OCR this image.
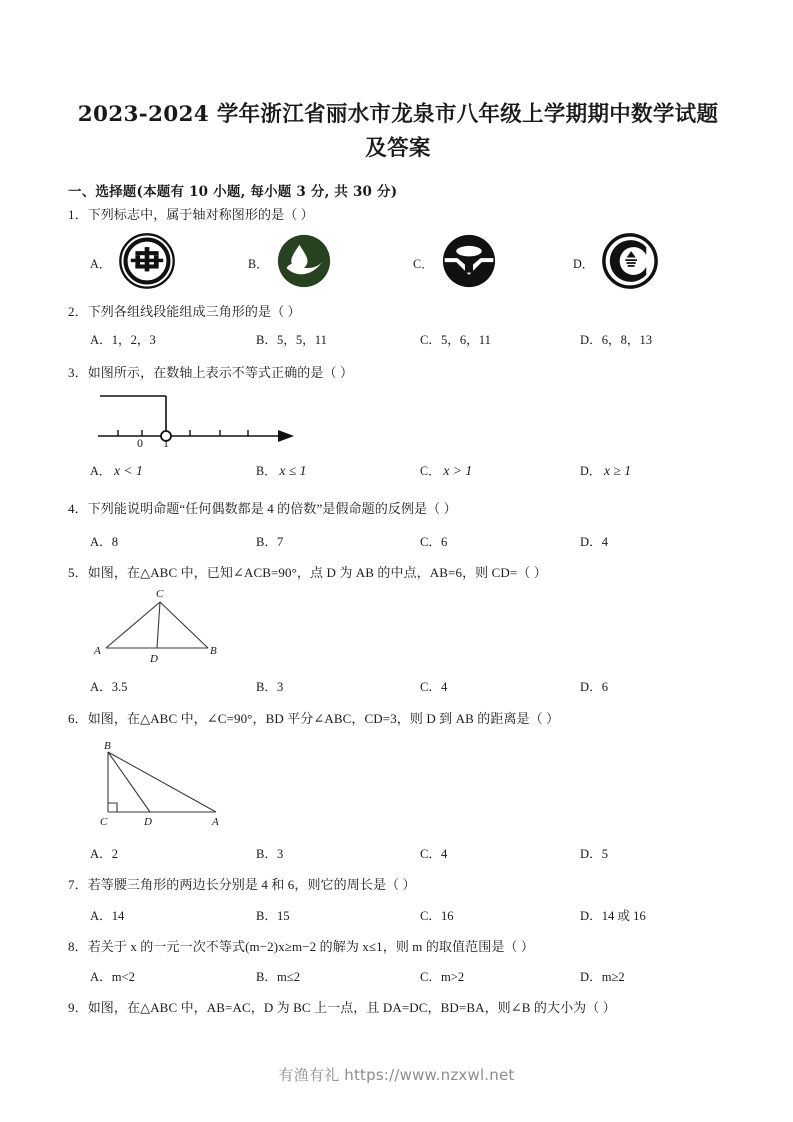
2023-2024 学年浙江省丽水市龙泉市八年级上学期期中数学试题及答案
一、选择题(本题有 10 小题, 每小题 3 分, 共 30 分)
1．下列标志中，属于轴对称图形的是（ ）
A．	B．	C．	D．
2．下列各组线段能组成三角形的是（ ）
A．1，2，3	B．5，5，11	C．5，6，11	D．6，8，13
3．如图所示，在数轴上表示不等式正确的是（ ）
0 1
A． x < 1	B． x ≤ 1	C． x > 1	D． x ≥ 1
4．下列能说明命题“任何偶数都是 4 的倍数”是假命题的反例是（ ）
A．8	B．7	C．6	D．4
5．如图，在△ABC 中，已知∠ACB=90°，点 D 为 AB 的中点，AB=6，则 CD=（ ）
C
A
D
B
A．3.5	B．3	C．4	D．6
6．如图，在△ABC 中，∠C=90°，BD 平分∠ABC，CD=3，则 D 到 AB 的距离是（ ）
B
C	D	A
A．2	B．3	C．4	D．5
7．若等腰三角形的两边长分别是 4 和 6，则它的周长是（ ）
A．14	B．15	C．16	D．14 或 16
8．若关于 x 的一元一次不等式(m−2)x≥m−2 的解为 x≤1，则 m 的取值范围是（ ）
A．m<2	B．m≤2	C．m>2	D．m≥2
9．如图，在△ABC 中，AB=AC，D 为 BC 上一点，且 DA=DC，BD=BA，则∠B 的大小为（ ）
有渔有礼 https://www.nzxwl.net
